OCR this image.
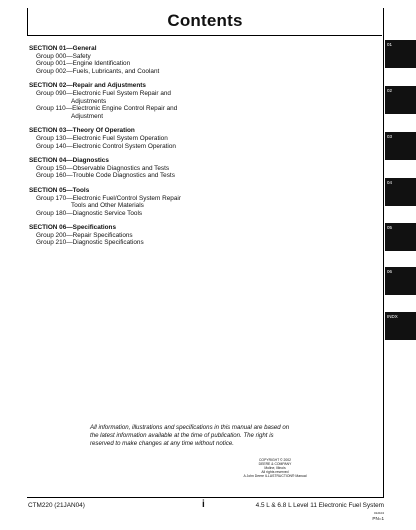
Contents
SECTION 01—General
Group 000—Safety
Group 001—Engine Identification
Group 002—Fuels, Lubricants, and Coolant
SECTION 02—Repair and Adjustments
Group 090—Electronic Fuel System Repair and
Adjustments
Group 110—Electronic Engine Control Repair and
Adjustment
SECTION 03—Theory Of Operation
Group 130—Electronic Fuel System Operation
Group 140—Electronic Control System Operation
SECTION 04—Diagnostics
Group 150—Observable Diagnostics and Tests
Group 160—Trouble Code Diagnostics and Tests
SECTION 05—Tools
Group 170—Electronic Fuel/Control System Repair
Tools and Other Materials
Group 180—Diagnostic Service Tools
SECTION 06—Specifications
Group 200—Repair Specifications
Group 210—Diagnostic Specifications
01
02
03
04
05
06
INDX
All information, illustrations and specifications in this manual are based on
the latest information available at the time of publication. The right is
reserved to make changes at any time without notice.
COPYRIGHT © 2002
DEERE & COMPANY
Moline, Illinois
All rights reserved
A John Deere ILLUSTRUCTION® Manual
CTM220 (21JAN04)	i	4.5 L & 6.8 L Level 11 Electronic Fuel System
012104
PN=1
